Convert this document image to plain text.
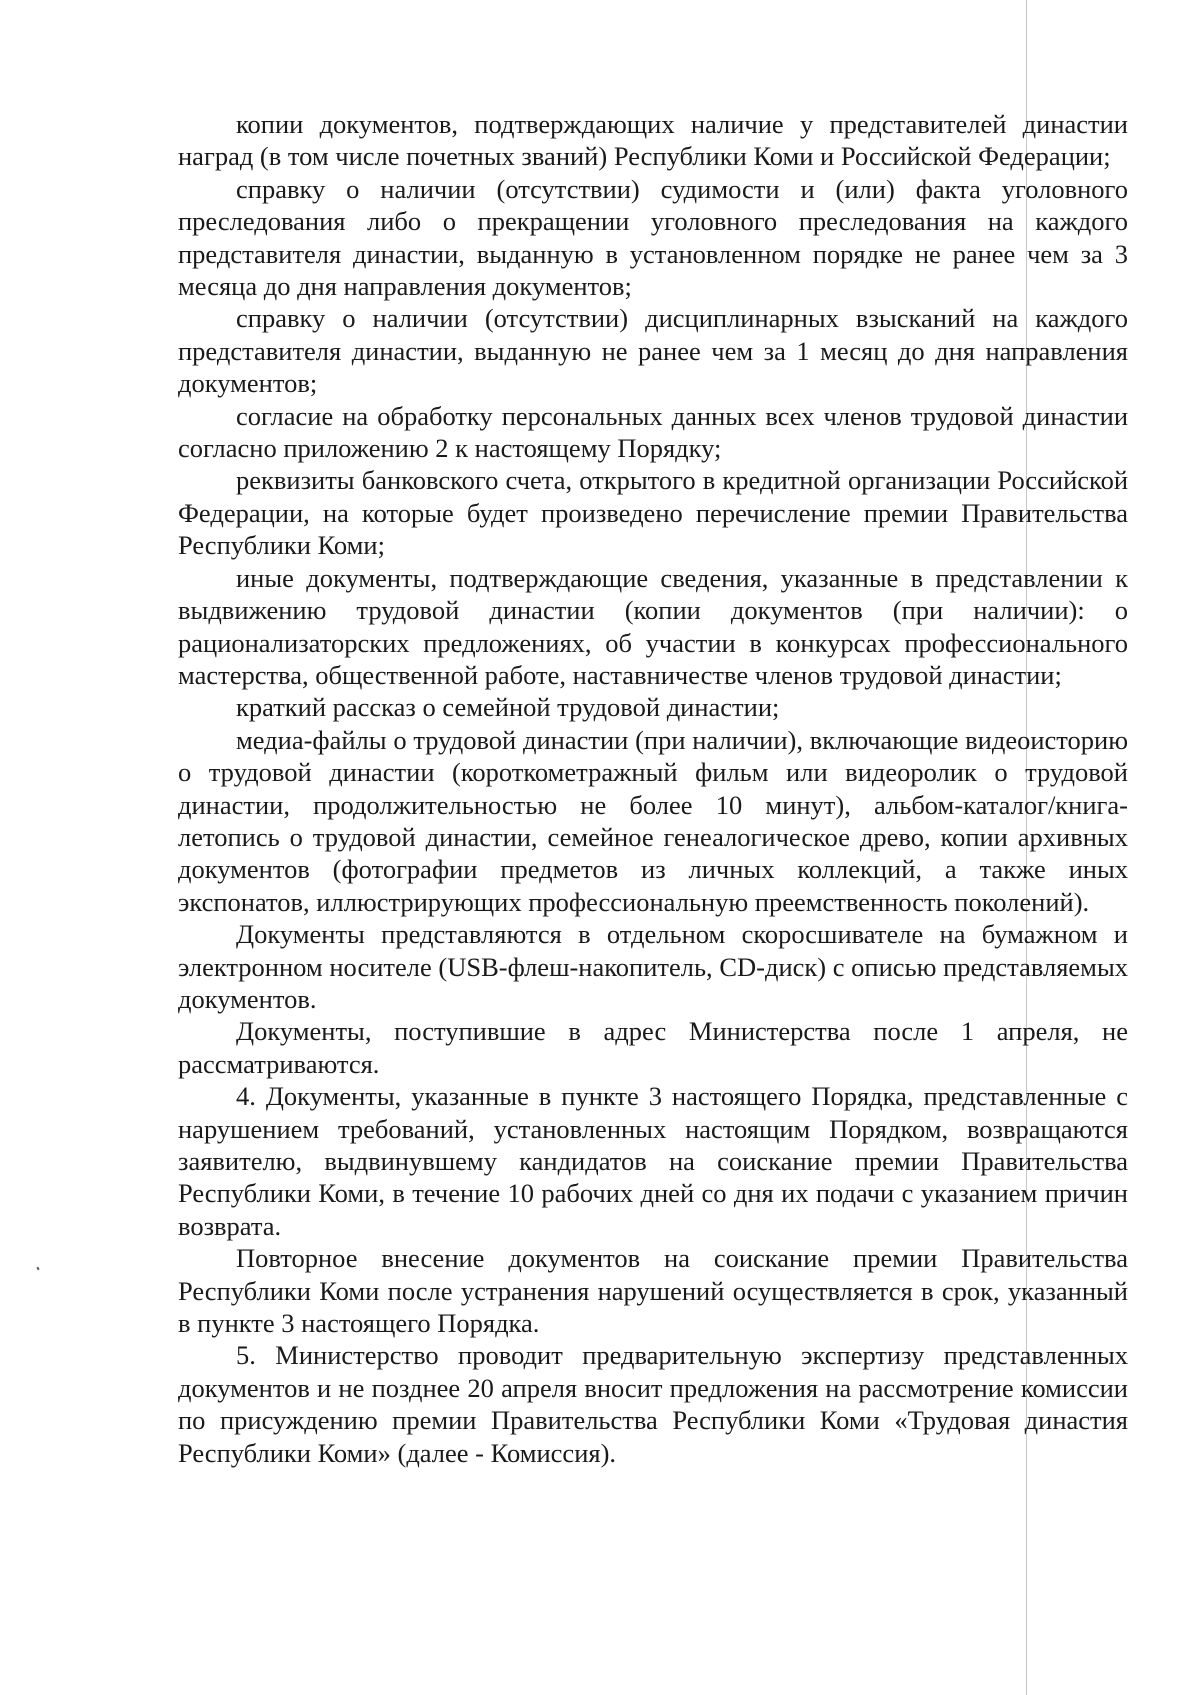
копии документов, подтверждающих наличие у представителей династии наград (в том числе почетных званий) Республики Коми и Российской Федерации;

справку о наличии (отсутствии) судимости и (или) факта уголовного преследования либо о прекращении уголовного преследования на каждого представителя династии, выданную в установленном порядке не ранее чем за 3 месяца до дня направления документов;

справку о наличии (отсутствии) дисциплинарных взысканий на каждого представителя династии, выданную не ранее чем за 1 месяц до дня направления документов;

согласие на обработку персональных данных всех членов трудовой династии согласно приложению 2 к настоящему Порядку;

реквизиты банковского счета, открытого в кредитной организации Российской Федерации, на которые будет произведено перечисление премии Правительства Республики Коми;

иные документы, подтверждающие сведения, указанные в представлении к выдвижению трудовой династии (копии документов (при наличии): о рационализаторских предложениях, об участии в конкурсах профессионального мастерства, общественной работе, наставничестве членов трудовой династии;

краткий рассказ о семейной трудовой династии;

медиа-файлы о трудовой династии (при наличии), включающие видеоисторию о трудовой династии (короткометражный фильм или видеоролик о трудовой династии, продолжительностью не более 10 минут), альбом-каталог/книга-летопись о трудовой династии, семейное генеалогическое древо, копии архивных документов (фотографии предметов из личных коллекций, а также иных экспонатов, иллюстрирующих профессиональную преемственность поколений).

Документы представляются в отдельном скоросшивателе на бумажном и электронном носителе (USB-флеш-накопитель, CD-диск) с описью представляемых документов.

Документы, поступившие в адрес Министерства после 1 апреля, не рассматриваются.

4. Документы, указанные в пункте 3 настоящего Порядка, представленные с нарушением требований, установленных настоящим Порядком, возвращаются заявителю, выдвинувшему кандидатов на соискание премии Правительства Республики Коми, в течение 10 рабочих дней со дня их подачи с указанием причин возврата.

Повторное внесение документов на соискание премии Правительства Республики Коми после устранения нарушений осуществляется в срок, указанный в пункте 3 настоящего Порядка.

5. Министерство проводит предварительную экспертизу представленных документов и не позднее 20 апреля вносит предложения на рассмотрение комиссии по присуждению премии Правительства Республики Коми «Трудовая династия Республики Коми» (далее - Комиссия).
